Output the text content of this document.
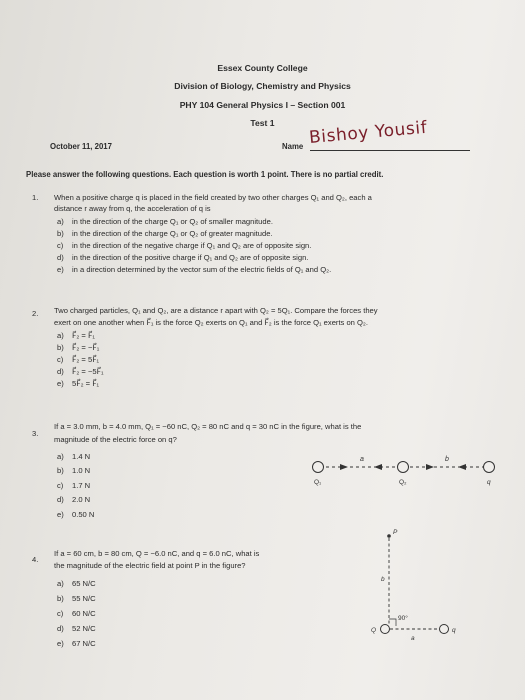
Essex County College
Division of Biology, Chemistry and Physics
PHY 104 General Physics I – Section 001
Test 1
October 11, 2017	Name Bishoy Yousif
Please answer the following questions. Each question is worth 1 point. There is no partial credit.
1. When a positive charge q is placed in the field created by two other charges Q₁ and Q₂, each a
distance r away from q, the acceleration of q is
a) in the direction of the charge Q₁ or Q₂ of smaller magnitude.
b) in the direction of the charge Q₁ or Q₂ of greater magnitude.
c) in the direction of the negative charge if Q₁ and Q₂ are of opposite sign.
d) in the direction of the positive charge if Q₁ and Q₂ are of opposite sign.
e) in a direction determined by the vector sum of the electric fields of Q₁ and Q₂.
2. Two charged particles, Q₁ and Q₂, are a distance r apart with Q₂ = 5Q₁. Compare the forces they
exert on one another when F⃗₁ is the force Q₂ exerts on Q₁ and F⃗₂ is the force Q₁ exerts on Q₂.
a) F⃗₂ = F⃗₁
b) F⃗₂ = −F⃗₁
c) F⃗₂ = 5F⃗₁
d) F⃗₂ = −5F⃗₁
e) 5F⃗₂ = F⃗₁
3.
If a = 3.0 mm, b = 4.0 mm, Q₁ = −60 nC, Q₂ = 80 nC and q = 30 nC in the figure, what is the
magnitude of the electric force on q?
a) 1.4 N
b) 1.0 N
c) 1.7 N
d) 2.0 N
e) 0.50 N
a	b
Q₁	Q₂	q
4.
If a = 60 cm, b = 80 cm, Q = −6.0 nC, and q = 6.0 nC, what is
the magnitude of the electric field at point P in the figure?
a) 65 N/C
b) 55 N/C
c) 60 N/C
d) 52 N/C
e) 67 N/C
P
b
90°
Q
a
q
